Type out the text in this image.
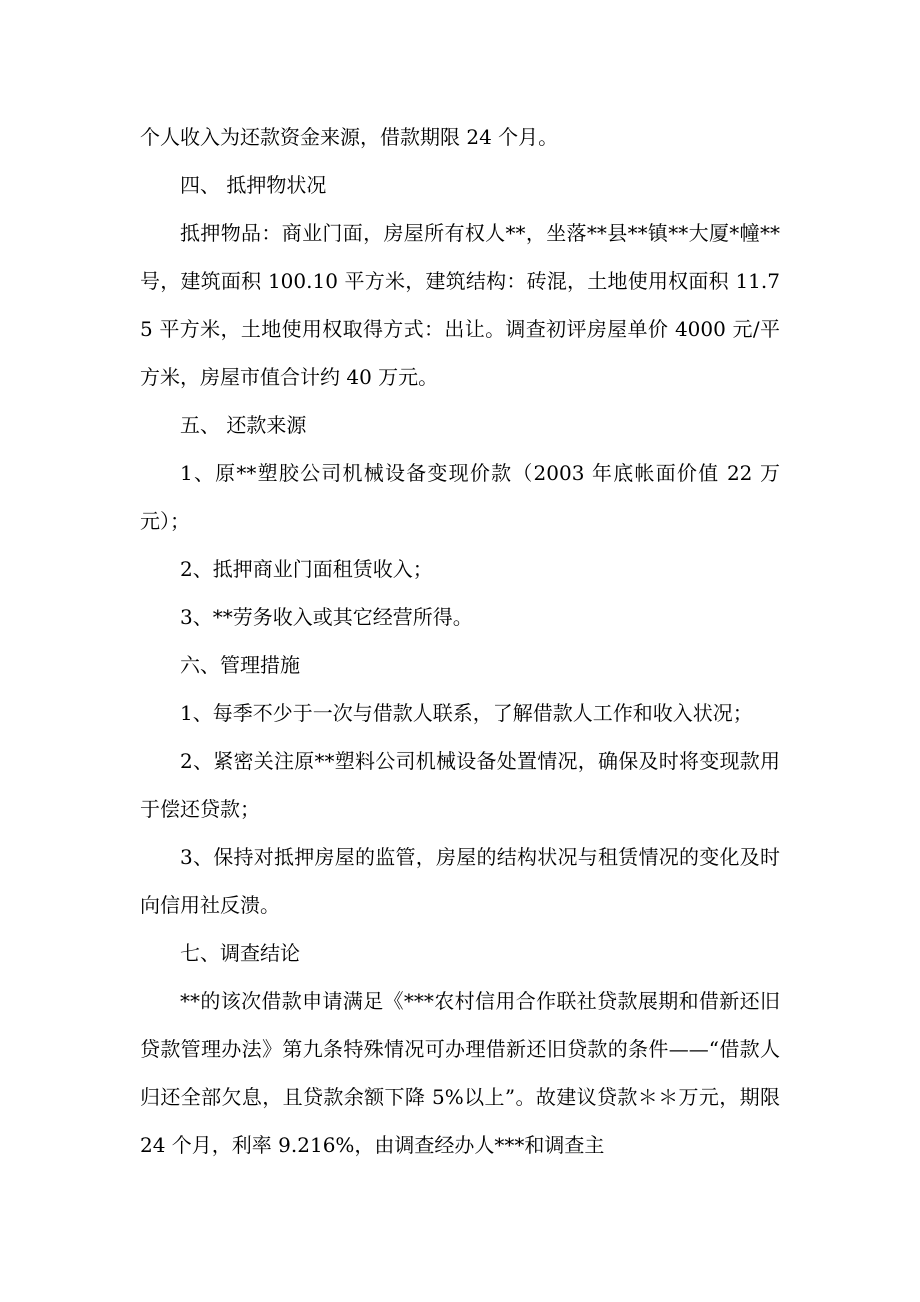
个人收入为还款资金来源，借款期限 24 个月。

四、 抵押物状况

抵押物品：商业门面，房屋所有权人**，坐落**县**镇**大厦*幢**号，建筑面积 100.10 平方米，建筑结构：砖混，土地使用权面积 11.75 平方米，土地使用权取得方式：出让。调查初评房屋单价 4000 元/平方米，房屋市值合计约 40 万元。

五、 还款来源

1、原**塑胶公司机械设备变现价款（2003 年底帐面价值 22 万元）；

2、抵押商业门面租赁收入；

3、**劳务收入或其它经营所得。

六、管理措施

1、每季不少于一次与借款人联系，了解借款人工作和收入状况；

2、紧密关注原**塑料公司机械设备处置情况，确保及时将变现款用于偿还贷款；

3、保持对抵押房屋的监管，房屋的结构状况与租赁情况的变化及时向信用社反溃。

七、调查结论

**的该次借款申请满足《***农村信用合作联社贷款展期和借新还旧贷款管理办法》第九条特殊情况可办理借新还旧贷款的条件——“借款人归还全部欠息，且贷款余额下降 5%以上”。故建议贷款＊＊万元，期限 24 个月，利率 9.216%，由调查经办人***和调查主
